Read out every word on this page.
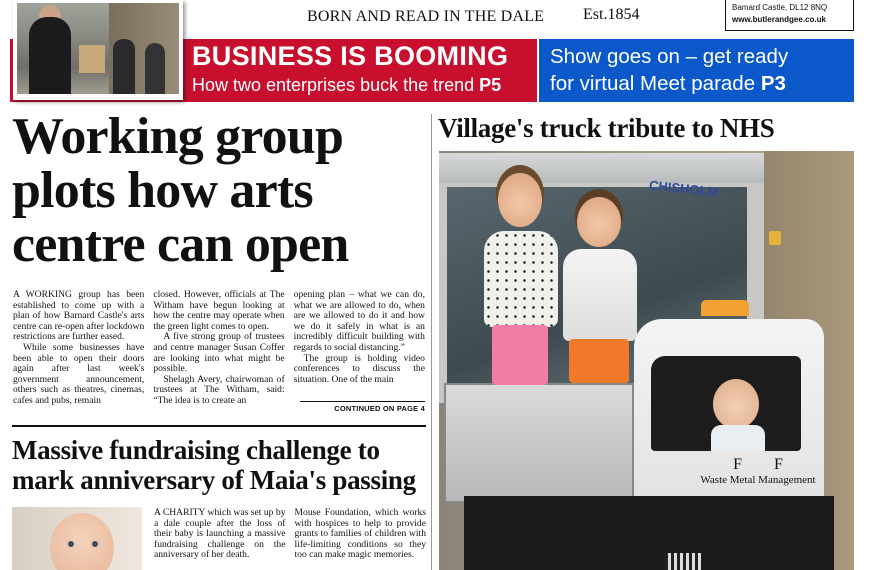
BORN AND READ IN THE DALE Est.1854	Bamard Castle, DL12 8NQ
www.butlerandgee.co.uk
BUSINESS IS BOOMING
How two enterprises buck the trend P5
Show goes on – get ready
for virtual Meet parade P3
Working group plots how arts centre can open

A WORKING group has been established to come up with a plan of how Barnard Castle's arts centre can re-open after lockdown restrictions are further eased.

While some businesses have been able to open their doors again after last week's government announcement, others such as theatres, cinemas, cafes and pubs, remain

closed. However, officials at The Witham have begun looking at how the centre may operate when the green light comes to open.

A five strong group of trustees and centre manager Susan Coffer are looking into what might be possible.

Shelagh Avery, chairwoman of trustees at The Witham, said: “The idea is to create an

opening plan – what we can do, what we are allowed to do, when are we allowed to do it and how we do it safely in what is an incredibly difficult building with regards to social distancing.”

The group is holding video conferences to discuss the situation. One of the main

CONTINUED ON PAGE 4
Massive fundraising challenge to mark anniversary of Maia's passing

A CHARITY which was set up by a dale couple after the loss of their baby is launching a massive fundraising challenge on the anniversary of her death.

Mouse Foundation, which works with hospices to help to provide grants to families of children with life-limiting conditions so they too can make magic memories.

Village's truck tribute to NHS
CHISHOLM
F F
Waste Metal Management
